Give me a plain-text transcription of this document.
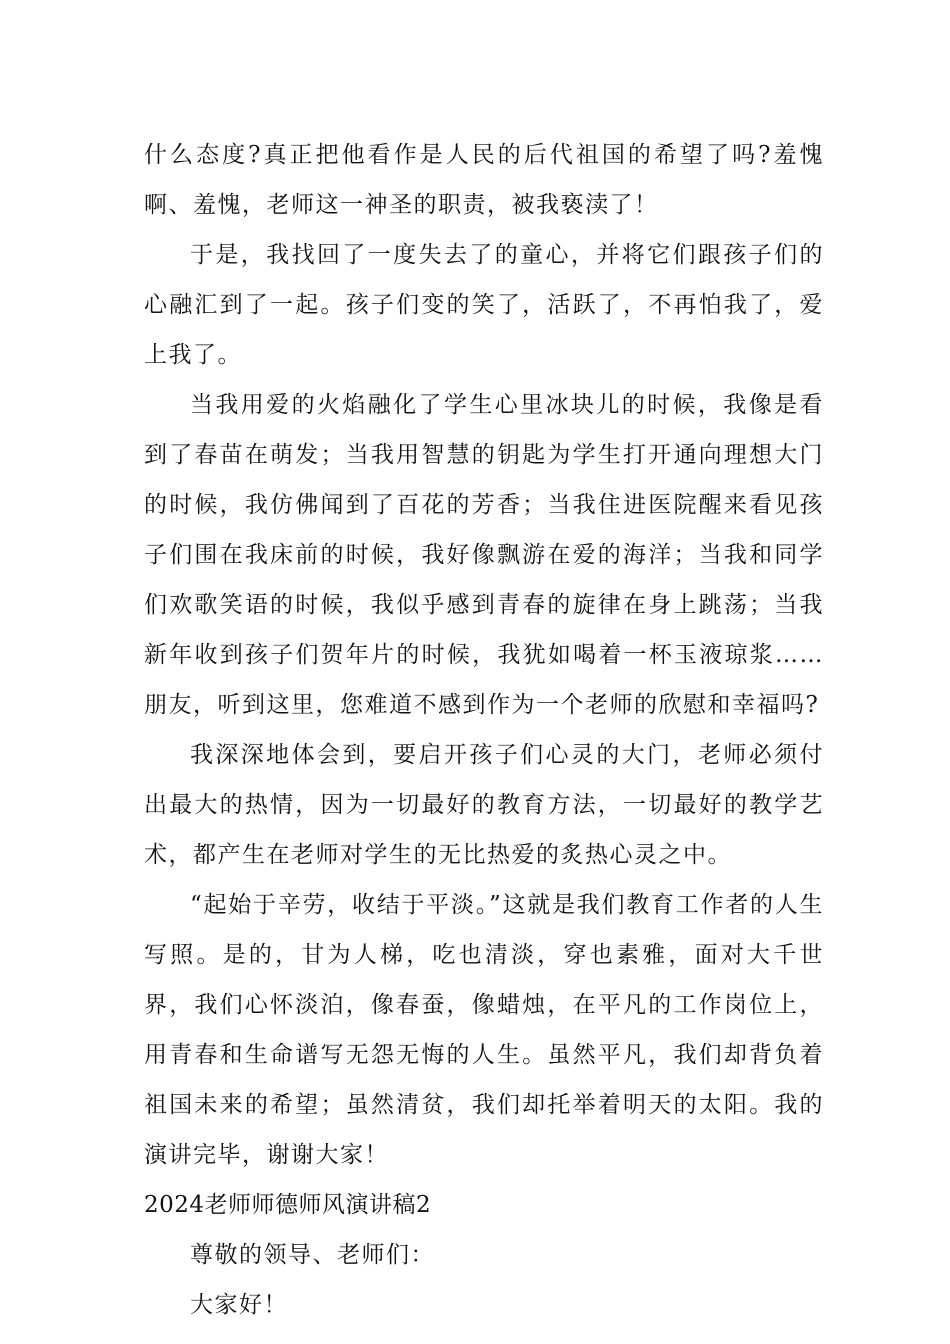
什么态度?真正把他看作是人民的后代祖国的希望了吗?羞愧啊、羞愧，老师这一神圣的职责，被我亵渎了！

于是，我找回了一度失去了的童心，并将它们跟孩子们的心融汇到了一起。孩子们变的笑了，活跃了，不再怕我了，爱上我了。

当我用爱的火焰融化了学生心里冰块儿的时候，我像是看到了春苗在萌发；当我用智慧的钥匙为学生打开通向理想大门的时候，我仿佛闻到了百花的芳香；当我住进医院醒来看见孩子们围在我床前的时候，我好像飘游在爱的海洋；当我和同学们欢歌笑语的时候，我似乎感到青春的旋律在身上跳荡；当我新年收到孩子们贺年片的时候，我犹如喝着一杯玉液琼浆……朋友，听到这里，您难道不感到作为一个老师的欣慰和幸福吗?

我深深地体会到，要启开孩子们心灵的大门，老师必须付出最大的热情，因为一切最好的教育方法，一切最好的教学艺术，都产生在老师对学生的无比热爱的炙热心灵之中。

“起始于辛劳，收结于平淡。”这就是我们教育工作者的人生写照。是的，甘为人梯，吃也清淡，穿也素雅，面对大千世界，我们心怀淡泊，像春蚕，像蜡烛，在平凡的工作岗位上，用青春和生命谱写无怨无悔的人生。虽然平凡，我们却背负着祖国未来的希望；虽然清贫，我们却托举着明天的太阳。我的演讲完毕，谢谢大家！

2024老师师德师风演讲稿2

尊敬的领导、老师们：

大家好！
